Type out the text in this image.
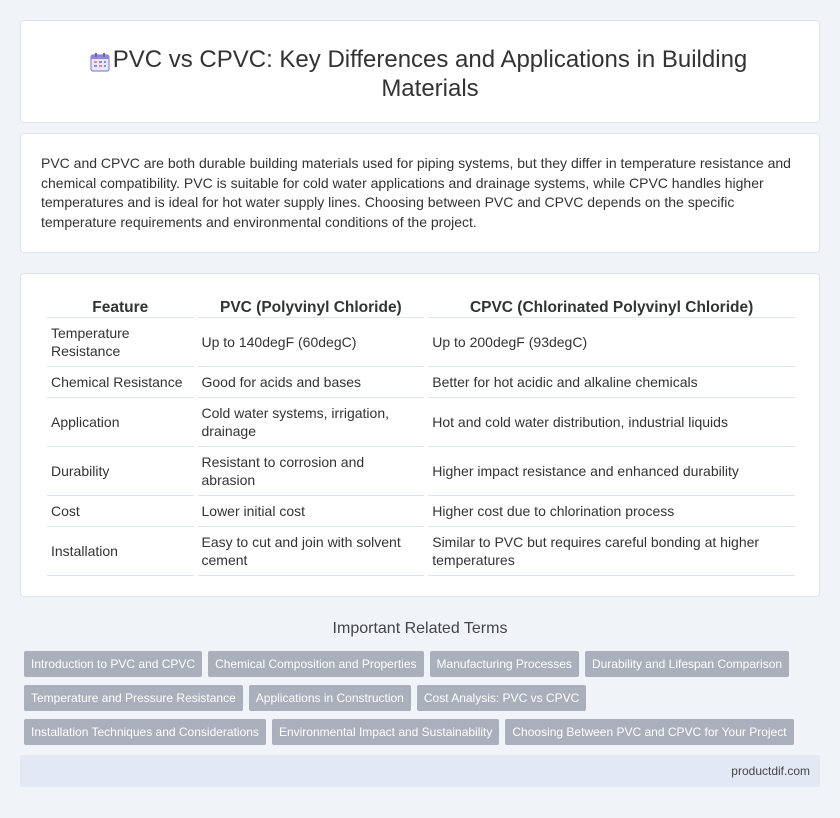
PVC vs CPVC: Key Differences and Applications in Building Materials

PVC and CPVC are both durable building materials used for piping systems, but they differ in temperature resistance and chemical compatibility. PVC is suitable for cold water applications and drainage systems, while CPVC handles higher temperatures and is ideal for hot water supply lines. Choosing between PVC and CPVC depends on the specific temperature requirements and environmental conditions of the project.

Feature	PVC (Polyvinyl Chloride)	CPVC (Chlorinated Polyvinyl Chloride)
Temperature Resistance	Up to 140degF (60degC)	Up to 200degF (93degC)
Chemical Resistance	Good for acids and bases	Better for hot acidic and alkaline chemicals
Application	Cold water systems, irrigation, drainage	Hot and cold water distribution, industrial liquids
Durability	Resistant to corrosion and abrasion	Higher impact resistance and enhanced durability
Cost	Lower initial cost	Higher cost due to chlorination process
Installation	Easy to cut and join with solvent cement	Similar to PVC but requires careful bonding at higher temperatures
Important Related Terms
Introduction to PVC and CPVC Chemical Composition and Properties Manufacturing Processes Durability and Lifespan ComparisonTemperature and Pressure Resistance Applications in Construction Cost Analysis: PVC vs CPVCInstallation Techniques and Considerations Environmental Impact and Sustainability Choosing Between PVC and CPVC for Your Project
productdif.com
